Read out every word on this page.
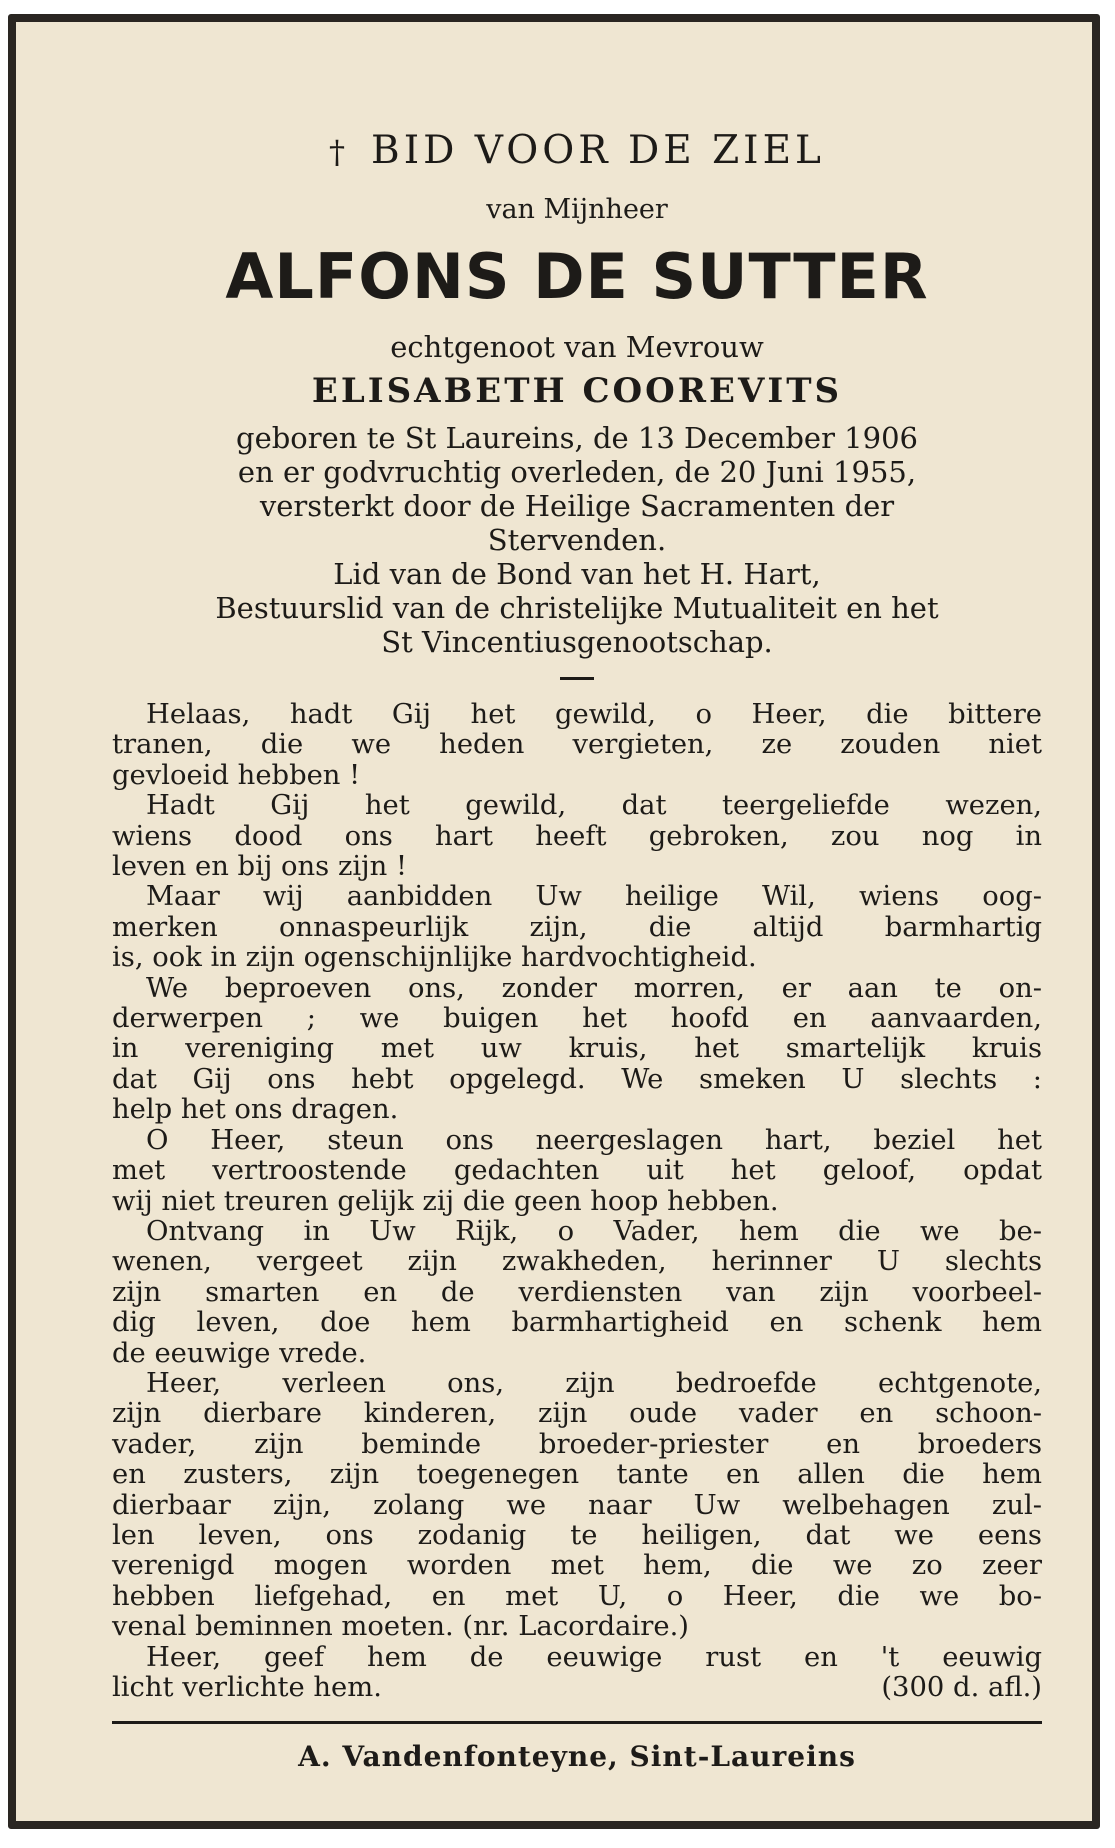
† BID VOOR DE ZIEL
van Mijnheer
ALFONS DE SUTTER
echtgenoot van Mevrouw
ELISABETH COOREVITS

geboren te St Laureins, de 13 December 1906

en er godvruchtig overleden, de 20 Juni 1955,

versterkt door de Heilige Sacramenten der

Stervenden.

Lid van de Bond van het H. Hart,

Bestuurslid van de christelijke Mutualiteit en het

St Vincentiusgenootschap.

Helaas, hadt Gij het gewild, o Heer, die bittere

tranen, die we heden vergieten, ze zouden niet

gevloeid hebben !

Hadt Gij het gewild, dat teergeliefde wezen,

wiens dood ons hart heeft gebroken, zou nog in

leven en bij ons zijn !

Maar wij aanbidden Uw heilige Wil, wiens oog-

merken onnaspeurlijk zijn, die altijd barmhartig

is, ook in zijn ogenschijnlijke hardvochtigheid.

We beproeven ons, zonder morren, er aan te on-

derwerpen ; we buigen het hoofd en aanvaarden,

in vereniging met uw kruis, het smartelijk kruis

dat Gij ons hebt opgelegd. We smeken U slechts :

help het ons dragen.

O Heer, steun ons neergeslagen hart, beziel het

met vertroostende gedachten uit het geloof, opdat

wij niet treuren gelijk zij die geen hoop hebben.

Ontvang in Uw Rijk, o Vader, hem die we be-

wenen, vergeet zijn zwakheden, herinner U slechts

zijn smarten en de verdiensten van zijn voorbeel-

dig leven, doe hem barmhartigheid en schenk hem

de eeuwige vrede.

Heer, verleen ons, zijn bedroefde echtgenote,

zijn dierbare kinderen, zijn oude vader en schoon-

vader, zijn beminde broeder-priester en broeders

en zusters, zijn toegenegen tante en allen die hem

dierbaar zijn, zolang we naar Uw welbehagen zul-

len leven, ons zodanig te heiligen, dat we eens

verenigd mogen worden met hem, die we zo zeer

hebben liefgehad, en met U, o Heer, die we bo-

venal beminnen moeten. (nr. Lacordaire.)

Heer, geef hem de eeuwige rust en 't eeuwig

licht verlichte hem.	(300 d. afl.)
A. Vandenfonteyne, Sint-Laureins
